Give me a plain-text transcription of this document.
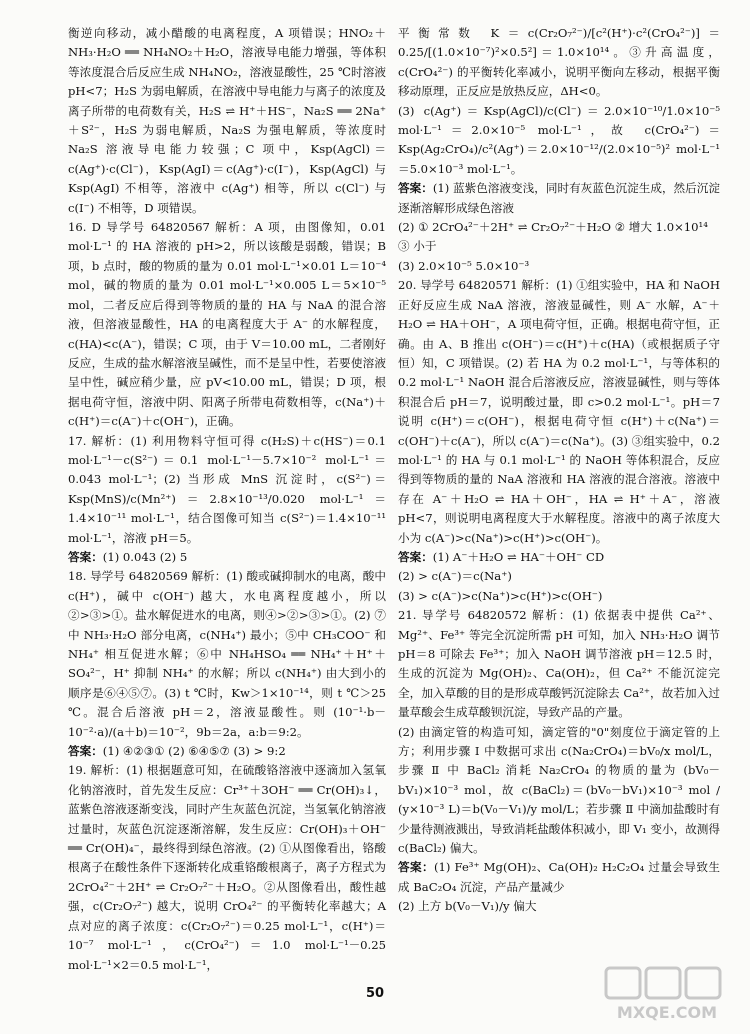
衡逆向移动，减小醋酸的电离程度，A 项错误；HNO₂＋NH₃·H₂O ══ NH₄NO₂＋H₂O，溶液导电能力增强，等体积等浓度混合后反应生成 NH₄NO₂，溶液显酸性，25 ℃时溶液 pH<7；H₂S 为弱电解质，在溶液中导电能力与离子的浓度及离子所带的电荷数有关，H₂S ⇌ H⁺＋HS⁻，Na₂S ══ 2Na⁺＋S²⁻，H₂S 为弱电解质，Na₂S 为强电解质，等浓度时 Na₂S 溶液导电能力较强；C 项中，Ksp(AgCl)＝c(Ag⁺)·c(Cl⁻)，Ksp(AgI)＝c(Ag⁺)·c(I⁻)，Ksp(AgCl) 与 Ksp(AgI) 不相等，溶液中 c(Ag⁺) 相等，所以 c(Cl⁻) 与 c(I⁻) 不相等，D 项错误。

16. D 导学号 64820567 解析：A 项，由图像知，0.01 mol·L⁻¹ 的 HA 溶液的 pH>2，所以该酸是弱酸，错误；B 项，b 点时，酸的物质的量为 0.01 mol·L⁻¹×0.01 L＝10⁻⁴ mol，碱的物质的量为 0.01 mol·L⁻¹×0.005 L＝5×10⁻⁵ mol，二者反应后得到等物质的量的 HA 与 NaA 的混合溶液，但溶液显酸性，HA 的电离程度大于 A⁻ 的水解程度，c(HA)<c(A⁻)，错误；C 项，由于 V＝10.00 mL，二者刚好反应，生成的盐水解溶液呈碱性，而不是呈中性，若要使溶液呈中性，碱应稍少量，应 pV<10.00 mL，错误；D 项，根据电荷守恒，溶液中阴、阳离子所带电荷数相等，c(Na⁺)＋c(H⁺)＝c(A⁻)＋c(OH⁻)，正确。

17. 解析：(1) 利用物料守恒可得 c(H₂S)＋c(HS⁻)＝0.1 mol·L⁻¹－c(S²⁻)＝0.1 mol·L⁻¹－5.7×10⁻² mol·L⁻¹＝0.043 mol·L⁻¹；(2) 当形成 MnS 沉淀时，c(S²⁻)＝Ksp(MnS)/c(Mn²⁺)＝2.8×10⁻¹³/0.020 mol·L⁻¹＝1.4×10⁻¹¹ mol·L⁻¹，结合图像可知当 c(S²⁻)＝1.4×10⁻¹¹ mol·L⁻¹，溶液 pH＝5。

答案：(1) 0.043 (2) 5

18. 导学号 64820569 解析：(1) 酸或碱抑制水的电离，酸中 c(H⁺)，碱中 c(OH⁻) 越大，水电离程度越小，所以②>③>①。盐水解促进水的电离，则④>②>③>①。(2) ⑦中 NH₃·H₂O 部分电离，c(NH₄⁺) 最小；⑤中 CH₃COO⁻ 和 NH₄⁺ 相互促进水解；⑥中 NH₄HSO₄ ══ NH₄⁺＋H⁺＋SO₄²⁻，H⁺ 抑制 NH₄⁺ 的水解；所以 c(NH₄⁺) 由大到小的顺序是⑥④⑤⑦。(3) t ℃时，Kw＞1×10⁻¹⁴，则 t ℃＞25 ℃。混合后溶液 pH＝2，溶液显酸性。则 (10⁻¹·b－10⁻²·a)/(a＋b)＝10⁻²，9b＝2a，a:b＝9:2。

答案：(1) ④②③① (2) ⑥④⑤⑦ (3) > 9:2

19. 解析：(1) 根据题意可知，在硫酸铬溶液中逐滴加入氢氧化钠溶液时，首先发生反应：Cr³⁺＋3OH⁻ ══ Cr(OH)₃↓，蓝紫色溶液逐渐变浅，同时产生灰蓝色沉淀，当氢氧化钠溶液过量时，灰蓝色沉淀逐渐溶解，发生反应：Cr(OH)₃＋OH⁻ ══ Cr(OH)₄⁻，最终得到绿色溶液。(2) ①从图像看出，铬酸根离子在酸性条件下逐渐转化成重铬酸根离子，离子方程式为 2CrO₄²⁻＋2H⁺ ⇌ Cr₂O₇²⁻＋H₂O。②从图像看出，酸性越强，c(Cr₂O₇²⁻) 越大，说明 CrO₄²⁻ 的平衡转化率越大；A 点对应的离子浓度：c(Cr₂O₇²⁻)＝0.25 mol·L⁻¹，c(H⁺)＝10⁻⁷ mol·L⁻¹，c(CrO₄²⁻)＝1.0 mol·L⁻¹－0.25 mol·L⁻¹×2＝0.5 mol·L⁻¹，

平衡常数 K＝c(Cr₂O₇²⁻)/[c²(H⁺)·c²(CrO₄²⁻)]＝0.25/[(1.0×10⁻⁷)²×0.5²]＝1.0×10¹⁴。③升高温度，c(CrO₄²⁻) 的平衡转化率减小，说明平衡向左移动，根据平衡移动原理，正反应是放热反应，ΔH<0。

(3) c(Ag⁺)＝Ksp(AgCl)/c(Cl⁻)＝2.0×10⁻¹⁰/1.0×10⁻⁵ mol·L⁻¹＝2.0×10⁻⁵ mol·L⁻¹，故 c(CrO₄²⁻)＝Ksp(Ag₂CrO₄)/c²(Ag⁺)＝2.0×10⁻¹²/(2.0×10⁻⁵)² mol·L⁻¹＝5.0×10⁻³ mol·L⁻¹。

答案：(1) 蓝紫色溶液变浅，同时有灰蓝色沉淀生成，然后沉淀逐渐溶解形成绿色溶液

(2) ① 2CrO₄²⁻＋2H⁺ ⇌ Cr₂O₇²⁻＋H₂O ② 增大 1.0×10¹⁴

③ 小于

(3) 2.0×10⁻⁵ 5.0×10⁻³

20. 导学号 64820571 解析：(1) ①组实验中，HA 和 NaOH 正好反应生成 NaA 溶液，溶液显碱性，则 A⁻ 水解，A⁻＋H₂O ⇌ HA＋OH⁻，A 项电荷守恒，正确。根据电荷守恒，正确。由 A、B 推出 c(OH⁻)＝c(H⁺)＋c(HA)（或根据质子守恒）知，C 项错误。(2) 若 HA 为 0.2 mol·L⁻¹，与等体积的 0.2 mol·L⁻¹ NaOH 混合后溶液反应，溶液显碱性，则与等体积混合后 pH＝7，说明酸过量，即 c>0.2 mol·L⁻¹。pH＝7 说明 c(H⁺)＝c(OH⁻)，根据电荷守恒 c(H⁺)＋c(Na⁺)＝c(OH⁻)＋c(A⁻)，所以 c(A⁻)＝c(Na⁺)。(3) ③组实验中，0.2 mol·L⁻¹ 的 HA 与 0.1 mol·L⁻¹ 的 NaOH 等体积混合，反应得到等物质的量的 NaA 溶液和 HA 溶液的混合溶液。溶液中存在 A⁻＋H₂O ⇌ HA＋OH⁻，HA ⇌ H⁺＋A⁻，溶液 pH<7，则说明电离程度大于水解程度。溶液中的离子浓度大小为 c(A⁻)>c(Na⁺)>c(H⁺)>c(OH⁻)。

答案：(1) A⁻＋H₂O ⇌ HA⁻＋OH⁻ CD

(2) > c(A⁻)＝c(Na⁺)

(3) > c(A⁻)>c(Na⁺)>c(H⁺)>c(OH⁻)

21. 导学号 64820572 解析：(1) 依据表中提供 Ca²⁺、Mg²⁺、Fe³⁺ 等完全沉淀所需 pH 可知，加入 NH₃·H₂O 调节 pH＝8 可除去 Fe³⁺；加入 NaOH 调节溶液 pH＝12.5 时，生成的沉淀为 Mg(OH)₂、Ca(OH)₂，但 Ca²⁺ 不能沉淀完全，加入草酸的目的是形成草酸钙沉淀除去 Ca²⁺，故若加入过量草酸会生成草酸钡沉淀，导致产品的产量。

(2) 由滴定管的构造可知，滴定管的"0"刻度位于滴定管的上方；利用步骤 Ⅰ 中数据可求出 c(Na₂CrO₄)＝bV₀/x mol/L，步骤 Ⅱ 中 BaCl₂ 消耗 Na₂CrO₄ 的物质的量为 (bV₀－bV₁)×10⁻³ mol，故 c(BaCl₂)＝(bV₀－bV₁)×10⁻³ mol / (y×10⁻³ L)＝b(V₀－V₁)/y mol/L；若步骤 Ⅱ 中滴加盐酸时有少量待测液溅出，导致消耗盐酸体积减小，即 V₁ 变小，故测得 c(BaCl₂) 偏大。

答案：(1) Fe³⁺ Mg(OH)₂、Ca(OH)₂ H₂C₂O₄ 过量会导致生成 BaC₂O₄ 沉淀，产品产量减少

(2) 上方 b(V₀－V₁)/y 偏大

50
MXQE.COM
